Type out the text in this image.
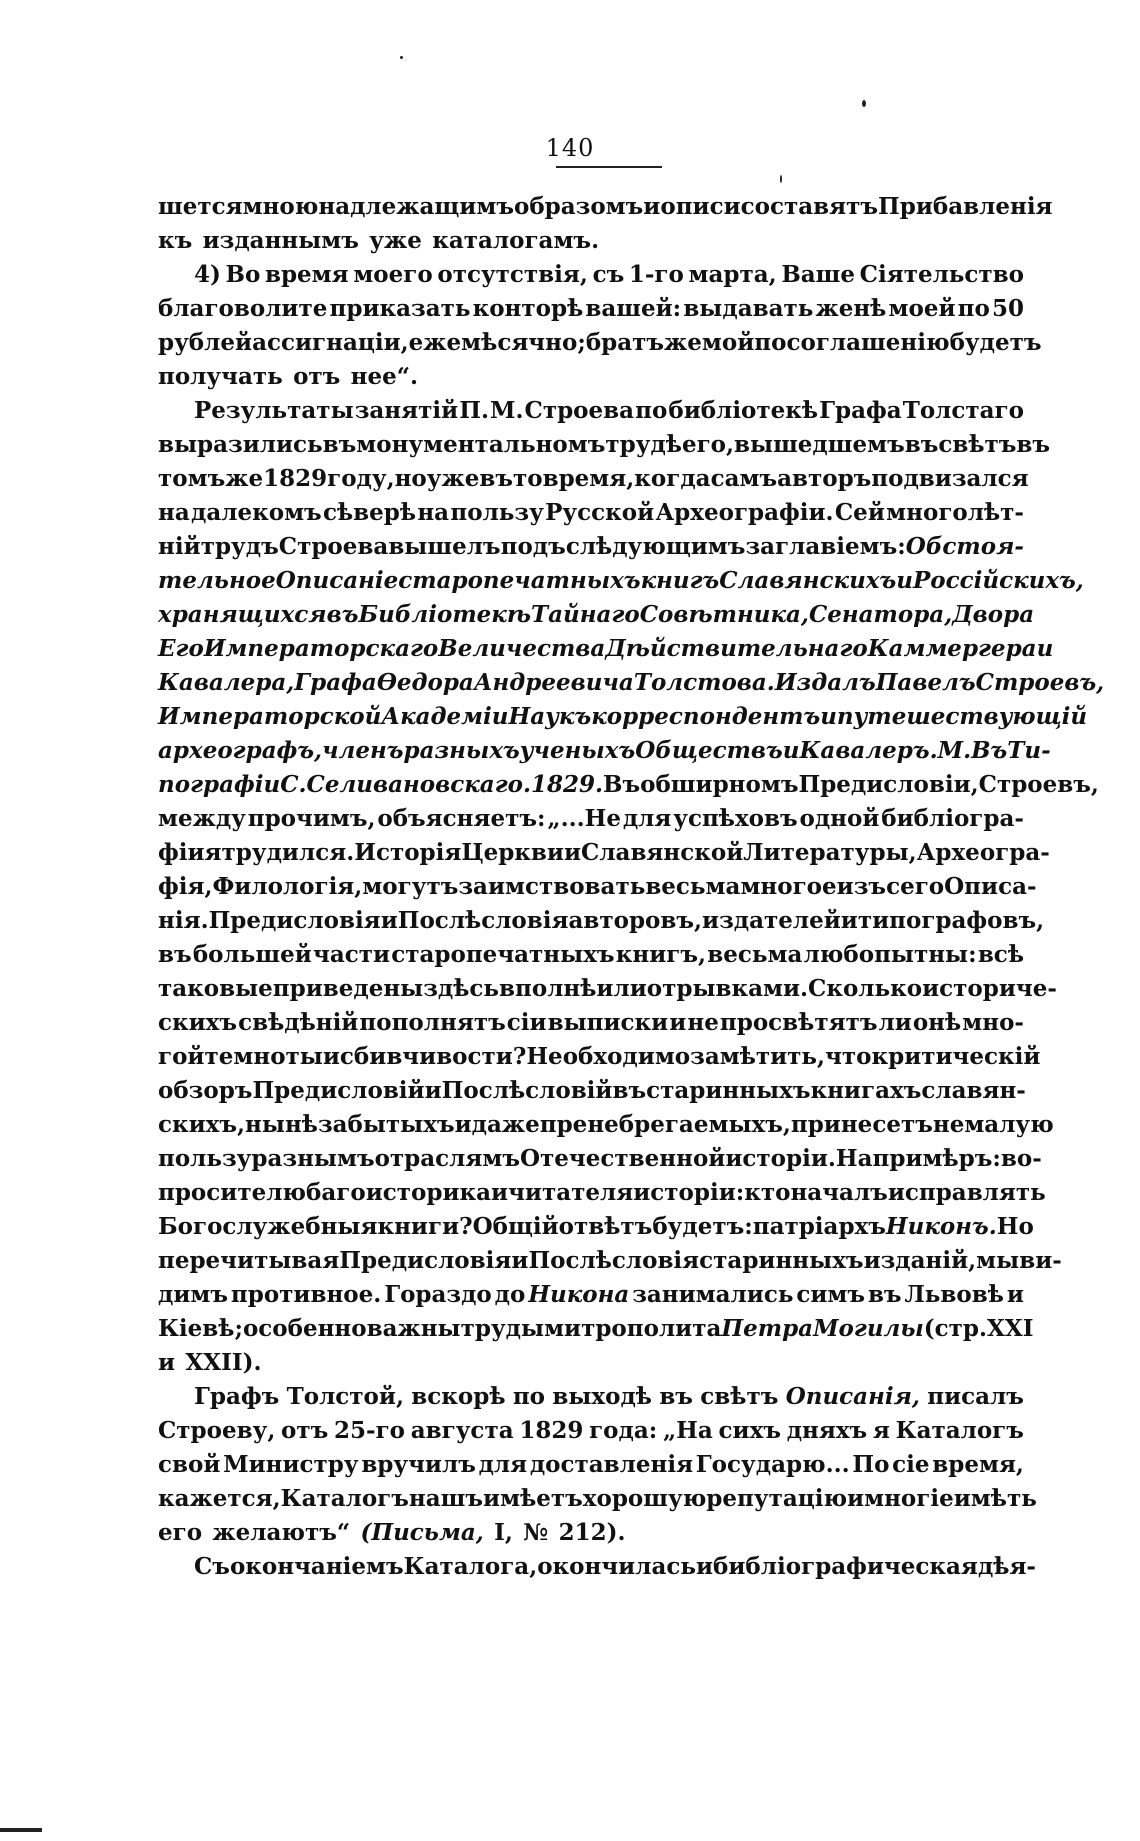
140
шется мною надлежащимъ образомъ и описи составятъ Прибавленія
къ изданнымъ уже каталогамъ.
4) Во время моего отсутствія, съ 1-го марта, Ваше Сіятельство
благоволите приказать конторѣ вашей: выдавать женѣ моей по 50
рублей ассигнаціи, ежемѣсячно; братъ же мой по соглашенію будетъ
получать отъ нее“.
Результаты занятій П. М. Строева по библіотекѣ Графа Толстаго
выразились въ монументальномъ трудѣ его, вышедшемъ въ свѣтъ въ
томъ же 1829 году, но уже въ то время, когда самъ авторъ подвизался
на далекомъ сѣверѣ на пользу Русской Археографіи. Сей многолѣт-
ній трудъ Строева вышелъ подъ слѣдующимъ заглавіемъ: Обстоя-
тельное Описаніе старопечатныхъ книгъ Славянскихъ и Россійскихъ,
хранящихся въ Библіотекѣ Тайнаго Совѣтника, Сенатора, Двора
Его Императорскаго Величества Дѣйствительнаго Каммергера и
Кавалера, Графа Ѳедора Андреевича Толстова. Издалъ Павелъ Строевъ,
Императорской Академіи Наукъ корреспондентъ и путешествующій
археографъ, членъ разныхъ ученыхъ Обществъ и Кавалеръ. М. Въ Ти-
пографіи С. Селивановскаго. 1829. Въ обширномъ Предисловіи, Строевъ,
между прочимъ, объясняетъ: „...Не для успѣховъ одной библіогра-
фіи я трудился. Исторія Церкви и Славянской Литературы, Археогра-
фія, Филологія, могутъ заимствовать весьма многое изъ сего Описа-
нія. Предисловія и Послѣсловія авторовъ, издателей и типографовъ,
въ большей части старопечатныхъ книгъ, весьма любопытны: всѣ
таковые приведены здѣсь вполнѣ или отрывками. Сколько историче-
скихъ свѣдѣній пополнятъ сіи выписки и не просвѣтятъ ли онѣ мно-
гой темноты и сбивчивости? Необходимо замѣтить, что критическій
обзоръ Предисловій и Послѣсловій въ старинныхъ книгахъ славян-
скихъ, нынѣ забытыхъ и даже пренебрегаемыхъ, принесетъ не малую
пользу разнымъ отраслямъ Отечественной исторіи. Напримѣръ: во-
просите любаго историка и читателя исторіи: кто началъ исправлять
Богослужебныя книги? Общій отвѣтъ будетъ: патріархъ Никонъ. Но
перечитывая Предисловія и Послѣсловія старинныхъ изданій, мы ви-
димъ противное. Гораздо до Никона занимались симъ въ Львовѣ и
Кіевѣ; особенно важны труды митрополита Петра Могилы (стр. XXI
и XXII).
Графъ Толстой, вскорѣ по выходѣ въ свѣтъ Описанія, писалъ
Строеву, отъ 25-го августа 1829 года: „На сихъ дняхъ я Каталогъ
свой Министру вручилъ для доставленія Государю... По сіе время,
кажется, Каталогъ нашъ имѣетъ хорошую репутацію и многіе имѣть
его желаютъ“ (Письма, I, № 212).
Съ окончаніемъ Каталога, окончилась и библіографическая дѣя-
